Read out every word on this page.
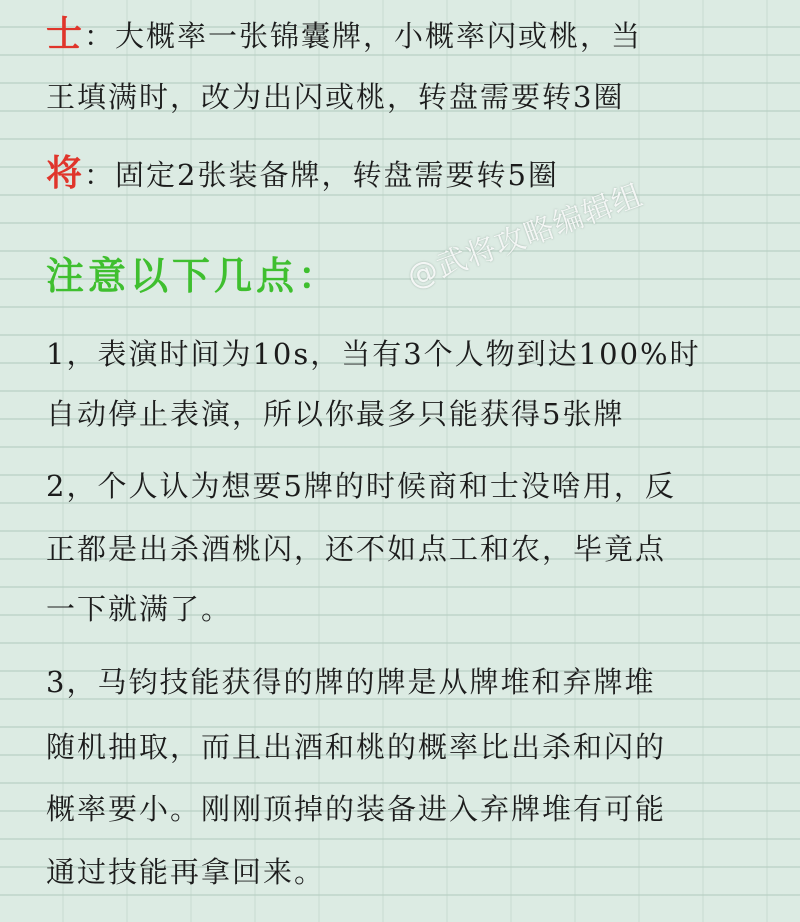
士：大概率一张锦囊牌，小概率闪或桃，当
王填满时，改为出闪或桃，转盘需要转3圈
将：固定2张装备牌，转盘需要转5圈
注意以下几点： @武将攻略编辑组
1，表演时间为10s，当有3个人物到达100%时
自动停止表演，所以你最多只能获得5张牌
2，个人认为想要5牌的时候商和士没啥用，反
正都是出杀酒桃闪，还不如点工和农，毕竟点
一下就满了。
3，马钧技能获得的牌的牌是从牌堆和弃牌堆
随机抽取，而且出酒和桃的概率比出杀和闪的
概率要小。刚刚顶掉的装备进入弃牌堆有可能
通过技能再拿回来。
